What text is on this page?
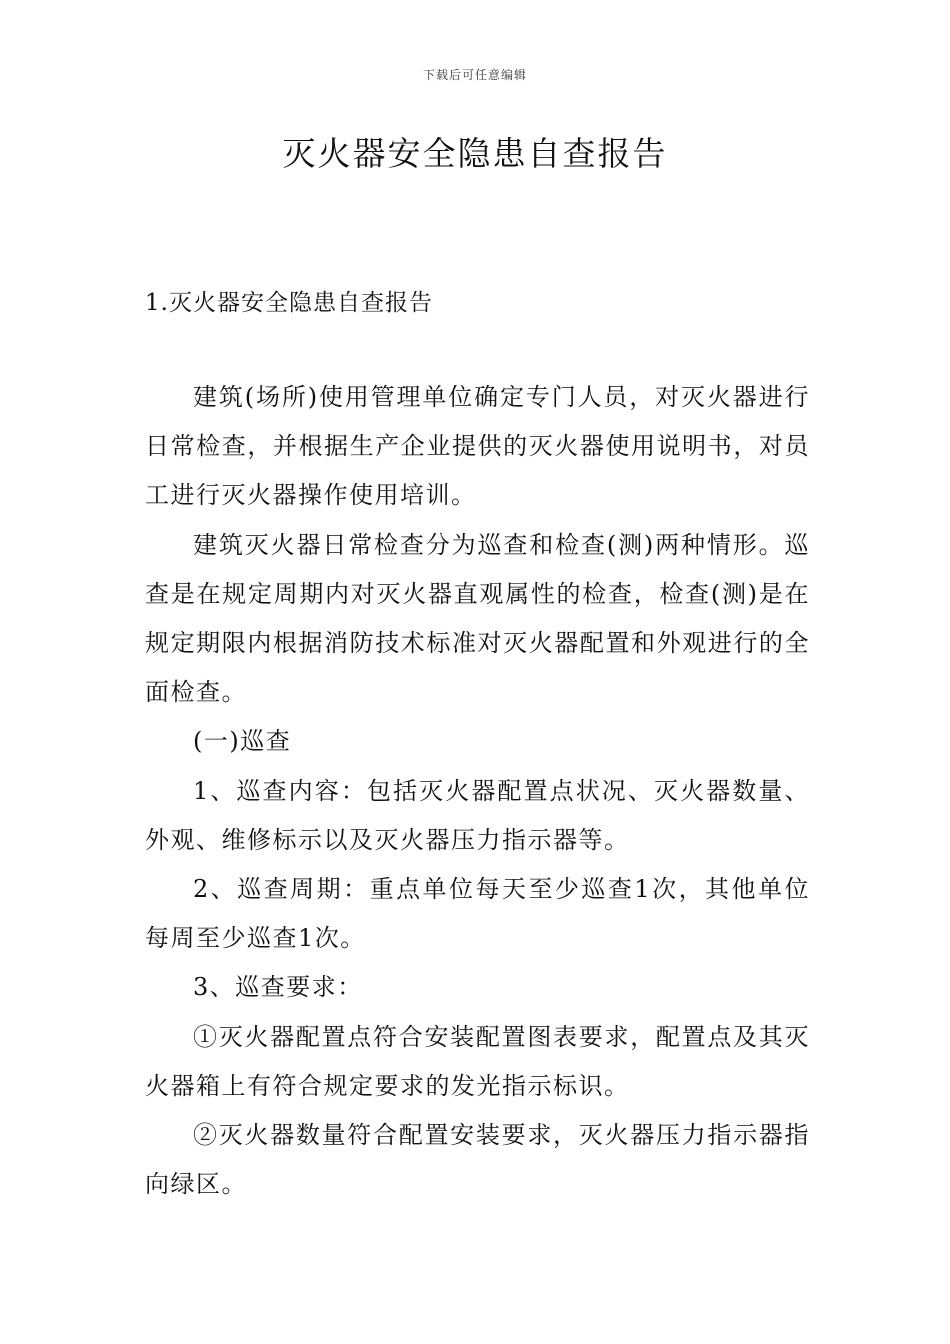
下载后可任意编辑
灭火器安全隐患自查报告
1.灭火器安全隐患自查报告

建筑(场所)使用管理单位确定专门人员，对灭火器进行日常检查，并根据生产企业提供的灭火器使用说明书，对员工进行灭火器操作使用培训。

建筑灭火器日常检查分为巡查和检查(测)两种情形。巡查是在规定周期内对灭火器直观属性的检查，检查(测)是在规定期限内根据消防技术标准对灭火器配置和外观进行的全面检查。

(一)巡查

1、巡查内容：包括灭火器配置点状况、灭火器数量、外观、维修标示以及灭火器压力指示器等。

2、巡查周期：重点单位每天至少巡查1次，其他单位每周至少巡查1次。

3、巡查要求：

①灭火器配置点符合安装配置图表要求，配置点及其灭火器箱上有符合规定要求的发光指示标识。

②灭火器数量符合配置安装要求，灭火器压力指示器指向绿区。
